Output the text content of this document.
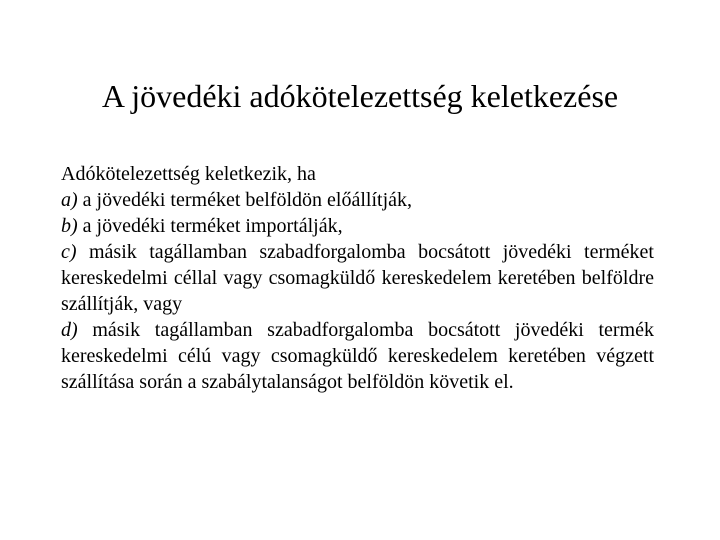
A jövedéki adókötelezettség keletkezése

Adókötelezettség keletkezik, ha

a) a jövedéki terméket belföldön előállítják,

b) a jövedéki terméket importálják,

c) másik tagállamban szabadforgalomba bocsátott jövedéki terméket kereskedelmi céllal vagy csomagküldő kereskedelem keretében belföldre szállítják, vagy

d) másik tagállamban szabadforgalomba bocsátott jövedéki termék kereskedelmi célú vagy csomagküldő kereskedelem keretében végzett szállítása során a szabálytalanságot belföldön követik el.
